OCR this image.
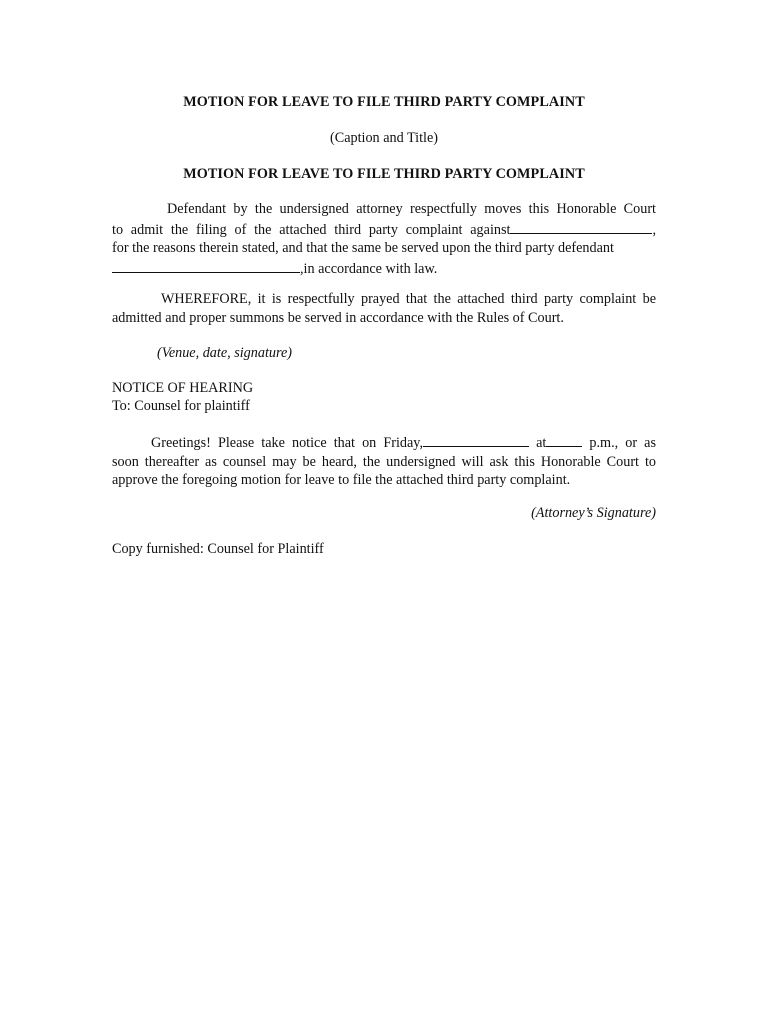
MOTION FOR LEAVE TO FILE THIRD PARTY COMPLAINT
(Caption and Title)
MOTION FOR LEAVE TO FILE THIRD PARTY COMPLAINT
Defendant by the undersigned attorney respectfully moves this Honorable Court
to admit the filing of the attached third party complaint against	,
for the reasons therein stated, and that the same be served upon the third party defendant
,in accordance with law.
WHEREFORE, it is respectfully prayed that the attached third party complaint be
admitted and proper summons be served in accordance with the Rules of Court.
(Venue, date, signature)
NOTICE OF HEARING
To: Counsel for plaintiff
Greetings! Please take notice that on Friday,	at	p.m., or as
soon thereafter as counsel may be heard, the undersigned will ask this Honorable Court to
approve the foregoing motion for leave to file the attached third party complaint.
(Attorney’s Signature)
Copy furnished: Counsel for Plaintiff
